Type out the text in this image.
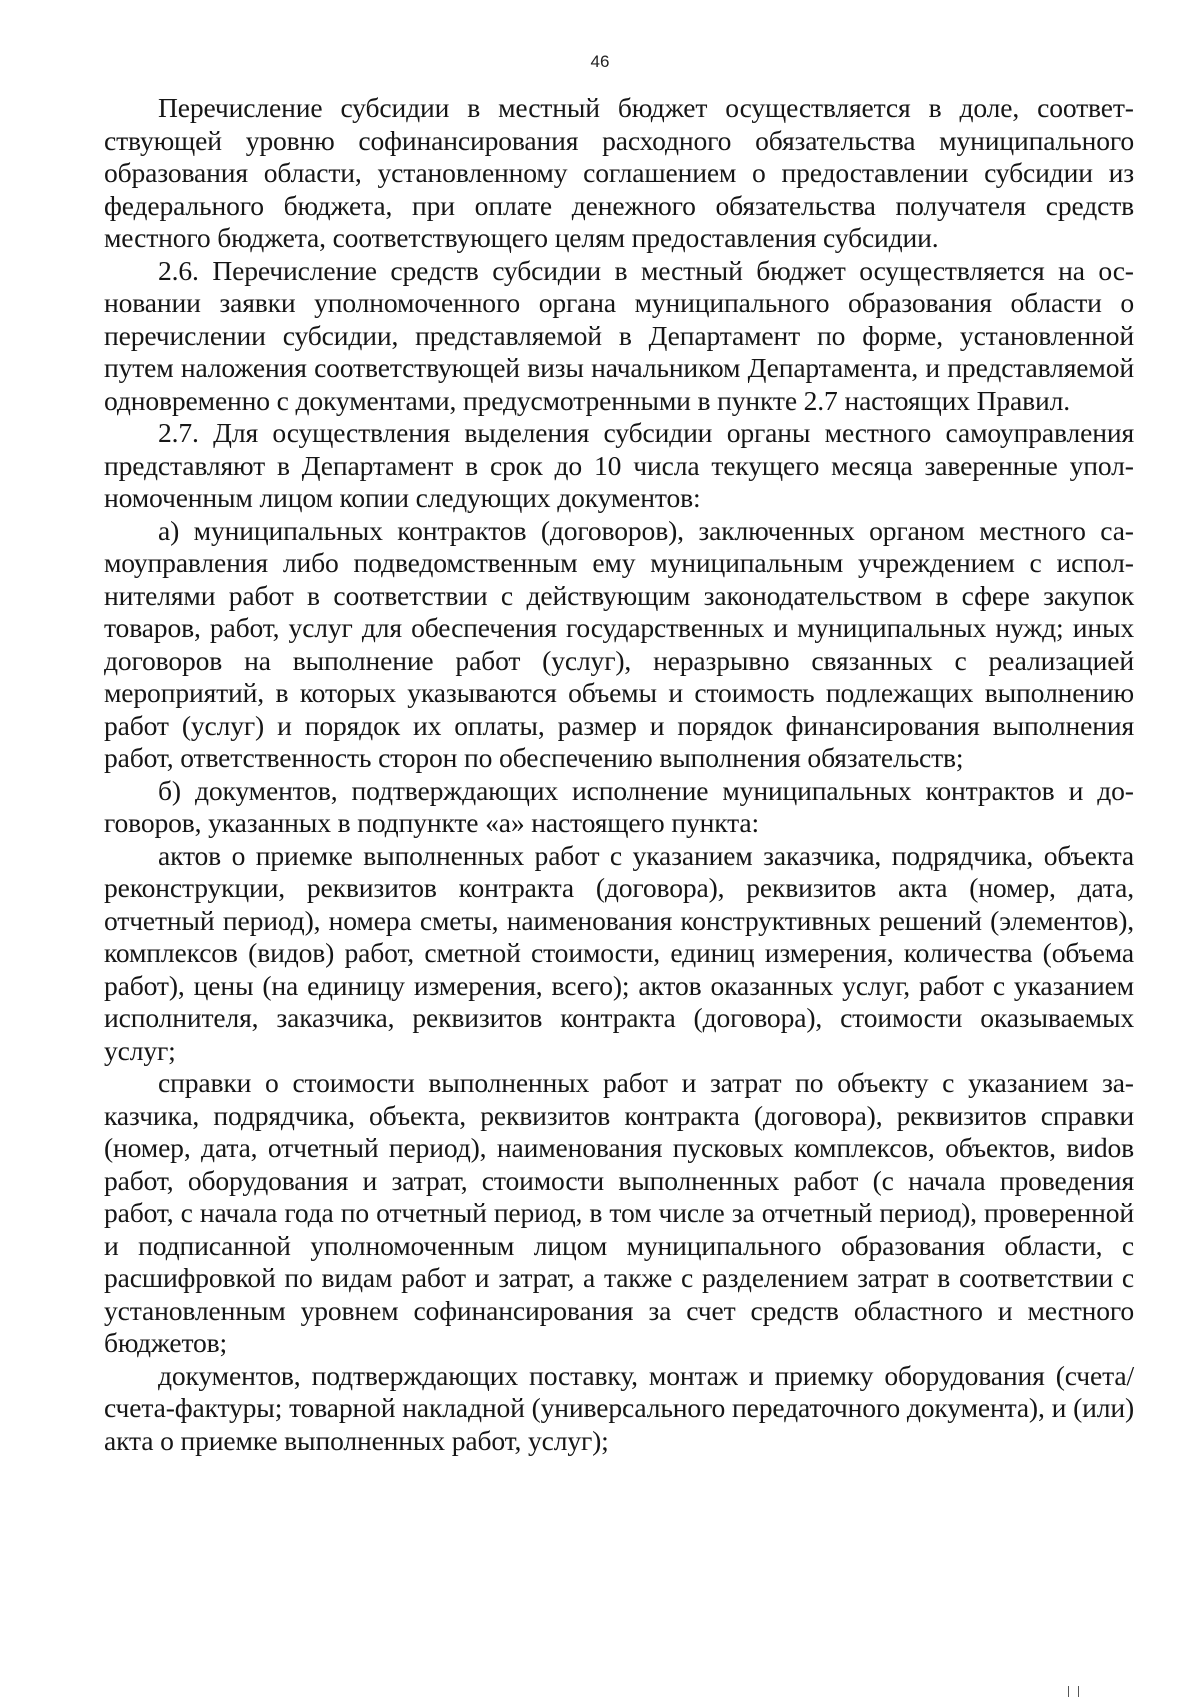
46

Перечисление субсидии в местный бюджет осуществляется в доле, соответствующей уровню софинансирования расходного обязательства муниципального образования области, установленному соглашением о предоставлении субсидии из федерального бюджета, при оплате денежного обязательства получателя средств местного бюджета, соответствующего целям предоставления субсидии.

2.6. Перечисление средств субсидии в местный бюджет осуществляется на основании заявки уполномоченного органа муниципального образования области о перечислении субсидии, представляемой в Департамент по форме, установленной путем наложения соответствующей визы начальником Департамента, и представляемой одновременно с документами, предусмотренными в пункте 2.7 настоящих Правил.

2.7. Для осуществления выделения субсидии органы местного самоуправления представляют в Департамент в срок до 10 числа текущего месяца заверенные уполномоченным лицом копии следующих документов:

а) муниципальных контрактов (договоров), заключенных органом местного самоуправления либо подведомственным ему муниципальным учреждением с исполнителями работ в соответствии с действующим законодательством в сфере закупок товаров, работ, услуг для обеспечения государственных и муниципальных нужд; иных договоров на выполнение работ (услуг), неразрывно связанных с реализацией мероприятий, в которых указываются объемы и стоимость подлежащих выполнению работ (услуг) и порядок их оплаты, размер и порядок финансирования выполнения работ, ответственность сторон по обеспечению выполнения обязательств;

б) документов, подтверждающих исполнение муниципальных контрактов и договоров, указанных в подпункте «а» настоящего пункта:

актов о приемке выполненных работ с указанием заказчика, подрядчика, объекта реконструкции, реквизитов контракта (договора), реквизитов акта (номер, дата, отчетный период), номера сметы, наименования конструктивных решений (элементов), комплексов (видов) работ, сметной стоимости, единиц измерения, количества (объема работ), цены (на единицу измерения, всего); актов оказанных услуг, работ с указанием исполнителя, заказчика, реквизитов контракта (договора), стоимости оказываемых услуг;

справки о стоимости выполненных работ и затрат по объекту с указанием заказчика, подрядчика, объекта, реквизитов контракта (договора), реквизитов справки (номер, дата, отчетный период), наименования пусковых комплексов, объектов, виdов работ, оборудования и затрат, стоимости выполненных работ (с начала проведения работ, с начала года по отчетный период, в том числе за отчетный период), проверенной и подписанной уполномоченным лицом муниципального образования области, с расшифровкой по видам работ и затрат, а также с разделением затрат в соответствии с установленным уровнем софинансирования за счет средств областного и местного бюджетов;

документов, подтверждающих поставку, монтаж и приемку оборудования (счета/счета-фактуры; товарной накладной (универсального передаточного документа), и (или) акта о приемке выполненных работ, услуг);
